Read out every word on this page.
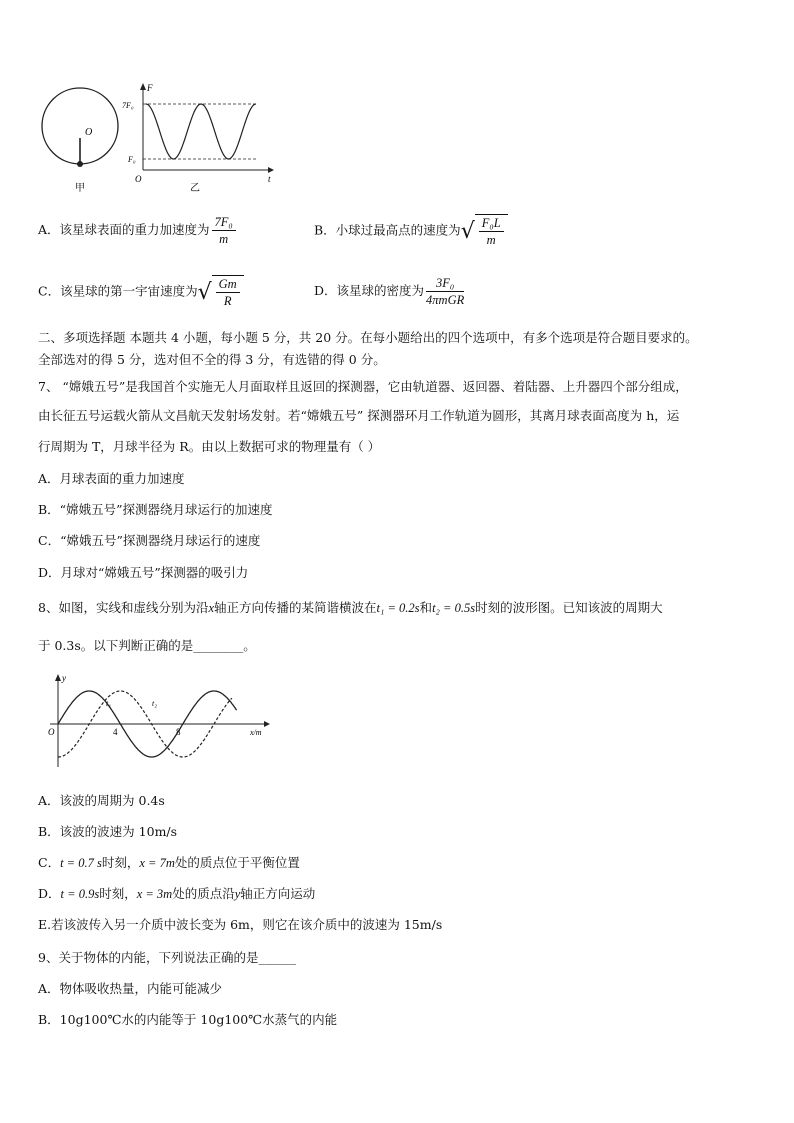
O
甲
F
t
O
7F₀
F₀
乙
A．该星球表面的重力加速度为 $\frac{\text{7F₀}}{m}$	B．小球过最高点的速度为√ $\frac{\text{F₀L}}{m}$
C．该星球的第一宇宙速度为√ $\frac{Gm}{R}$	D．该星球的密度为 $\frac{\text{3F₀}}{\text{4πmGR}}$
二、多项选择题 本题共 4 小题，每小题 5 分，共 20 分。在每小题给出的四个选项中，有多个选项是符合题目要求的。
全部选对的得 5 分，选对但不全的得 3 分，有选错的得 0 分。
7、 “嫦娥五号”是我国首个实施无人月面取样且返回的探测器，它由轨道器、返回器、着陆器、上升器四个部分组成，
由长征五号运载火箭从文昌航天发射场发射。若“嫦娥五号” 探测器环月工作轨道为圆形，其离月球表面高度为 h，运
行周期为 T，月球半径为 R。由以上数据可求的物理量有（ ）
A．月球表面的重力加速度
B．“嫦娥五号”探测器绕月球运行的加速度
C．“嫦娥五号”探测器绕月球运行的速度
D．月球对“嫦娥五号”探测器的吸引力
8、如图，实线和虚线分别为沿x轴正方向传播的某简谐横波在t₁ = 0.2s和t₂ = 0.5s时刻的波形图。已知该波的周期大
于 0.3s。以下判断正确的是________。
y
x/m
O	4	8
t₁	t₂
A．该波的周期为 0.4s
B．该波的波速为 10m/s
C．t = 0.7 s时刻，x = 7m处的质点位于平衡位置
D．t = 0.9s时刻，x = 3m处的质点沿y轴正方向运动
E.若该波传入另一介质中波长变为 6m，则它在该介质中的波速为 15m/s
9、关于物体的内能，下列说法正确的是______
A．物体吸收热量，内能可能减少
B．10g100℃水的内能等于 10g100℃水蒸气的内能
